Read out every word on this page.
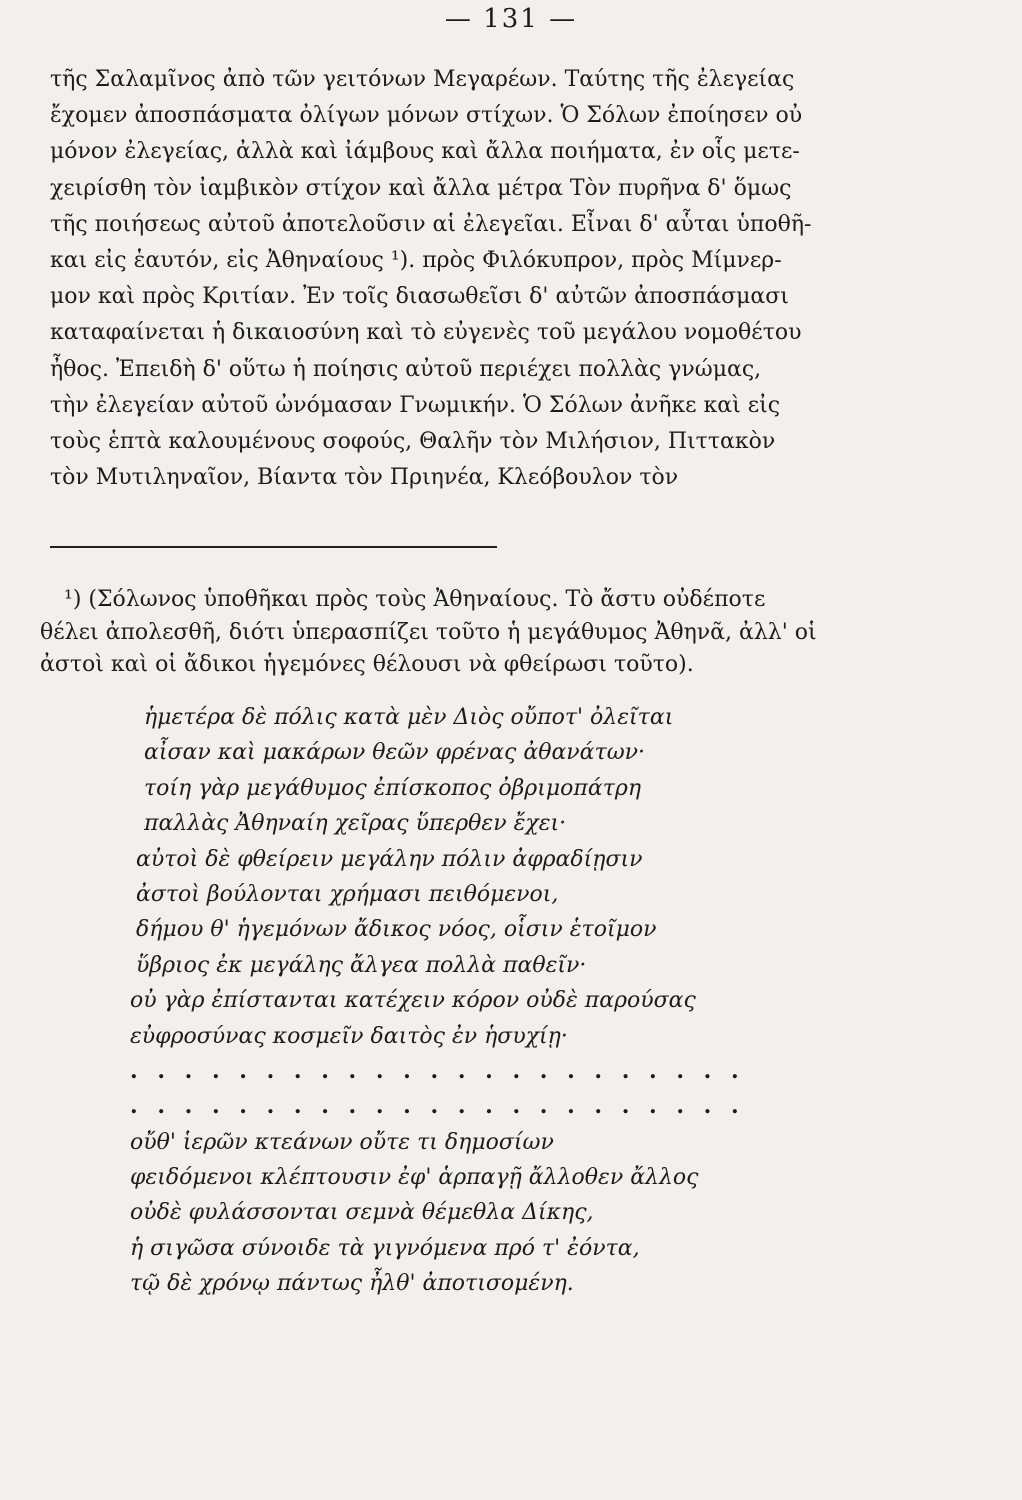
— 131 —
τῆς Σαλαμῖνος ἀπὸ τῶν γειτόνων Μεγαρέων. Ταύτης τῆς ἐλεγείας
ἔχομεν ἀποσπάσματα ὀλίγων μόνων στίχων. Ὁ Σόλων ἐποίησεν οὐ
μόνον ἐλεγείας, ἀλλὰ καὶ ἰάμβους καὶ ἄλλα ποιήματα, ἐν οἷς μετε-
χειρίσθη τὸν ἰαμβικὸν στίχον καὶ ἄλλα μέτρα Τὸν πυρῆνα δ' ὅμως
τῆς ποιήσεως αὐτοῦ ἀποτελοῦσιν αἱ ἐλεγεῖαι. Εἶναι δ' αὗται ὑποθῆ-
και εἰς ἑαυτόν, εἰς Ἀθηναίους ¹). πρὸς Φιλόκυπρον, πρὸς Μίμνερ-
μον καὶ πρὸς Κριτίαν. Ἐν τοῖς διασωθεῖσι δ' αὐτῶν ἀποσπάσμασι
καταφαίνεται ἡ δικαιοσύνη καὶ τὸ εὐγενὲς τοῦ μεγάλου νομοθέτου
ἦθος. Ἐπειδὴ δ' οὕτω ἡ ποίησις αὐτοῦ περιέχει πολλὰς γνώμας,
τὴν ἐλεγείαν αὐτοῦ ὠνόμασαν Γνωμικήν. Ὁ Σόλων ἀνῆκε καὶ εἰς
τοὺς ἑπτὰ καλουμένους σοφούς, Θαλῆν τὸν Μιλήσιον, Πιττακὸν
τὸν Μυτιληναῖον, Βίαντα τὸν Πριηνέα, Κλεόβουλον τὸν
¹) (Σόλωνος ὑποθῆκαι πρὸς τοὺς Ἀθηναίους. Τὸ ἄστυ οὐδέποτε
θέλει ἀπολεσθῆ, διότι ὑπερασπίζει τοῦτο ἡ μεγάθυμος Ἀθηνᾶ, ἀλλ' οἱ
ἀστοὶ καὶ οἱ ἄδικοι ἡγεμόνες θέλουσι νὰ φθείρωσι τοῦτο).
ἡμετέρα δὲ πόλις κατὰ μὲν Διὸς οὔποτ' ὀλεῖται
αἶσαν καὶ μακάρων θεῶν φρένας ἀθανάτων·
τοίη γὰρ μεγάθυμος ἐπίσκοπος ὀβριμοπάτρη
παλλὰς Ἀθηναίη χεῖρας ὕπερθεν ἔχει·
αὐτοὶ δὲ φθείρειν μεγάλην πόλιν ἀφραδίῃσιν
ἀστοὶ βούλονται χρήμασι πειθόμενοι,
δήμου θ' ἡγεμόνων ἄδικος νόος, οἷσιν ἑτοῖμον
ὕβριος ἐκ μεγάλης ἄλγεα πολλὰ παθεῖν·
οὐ γὰρ ἐπίστανται κατέχειν κόρον οὐδὲ παρούσας
εὐφροσύνας κοσμεῖν δαιτὸς ἐν ἡσυχίῃ·
. . . . . . . . . . . . . . . . . . . . . . .
. . . . . . . . . . . . . . . . . . . . . . .
οὔθ' ἱερῶν κτεάνων οὔτε τι δημοσίων
φειδόμενοι κλέπτουσιν ἐφ' ἁρπαγῇ ἄλλοθεν ἄλλος
οὐδὲ φυλάσσονται σεμνὰ θέμεθλα Δίκης,
ἡ σιγῶσα σύνοιδε τὰ γιγνόμενα πρό τ' ἐόντα,
τῷ δὲ χρόνῳ πάντως ἦλθ' ἀποτισομένη.
